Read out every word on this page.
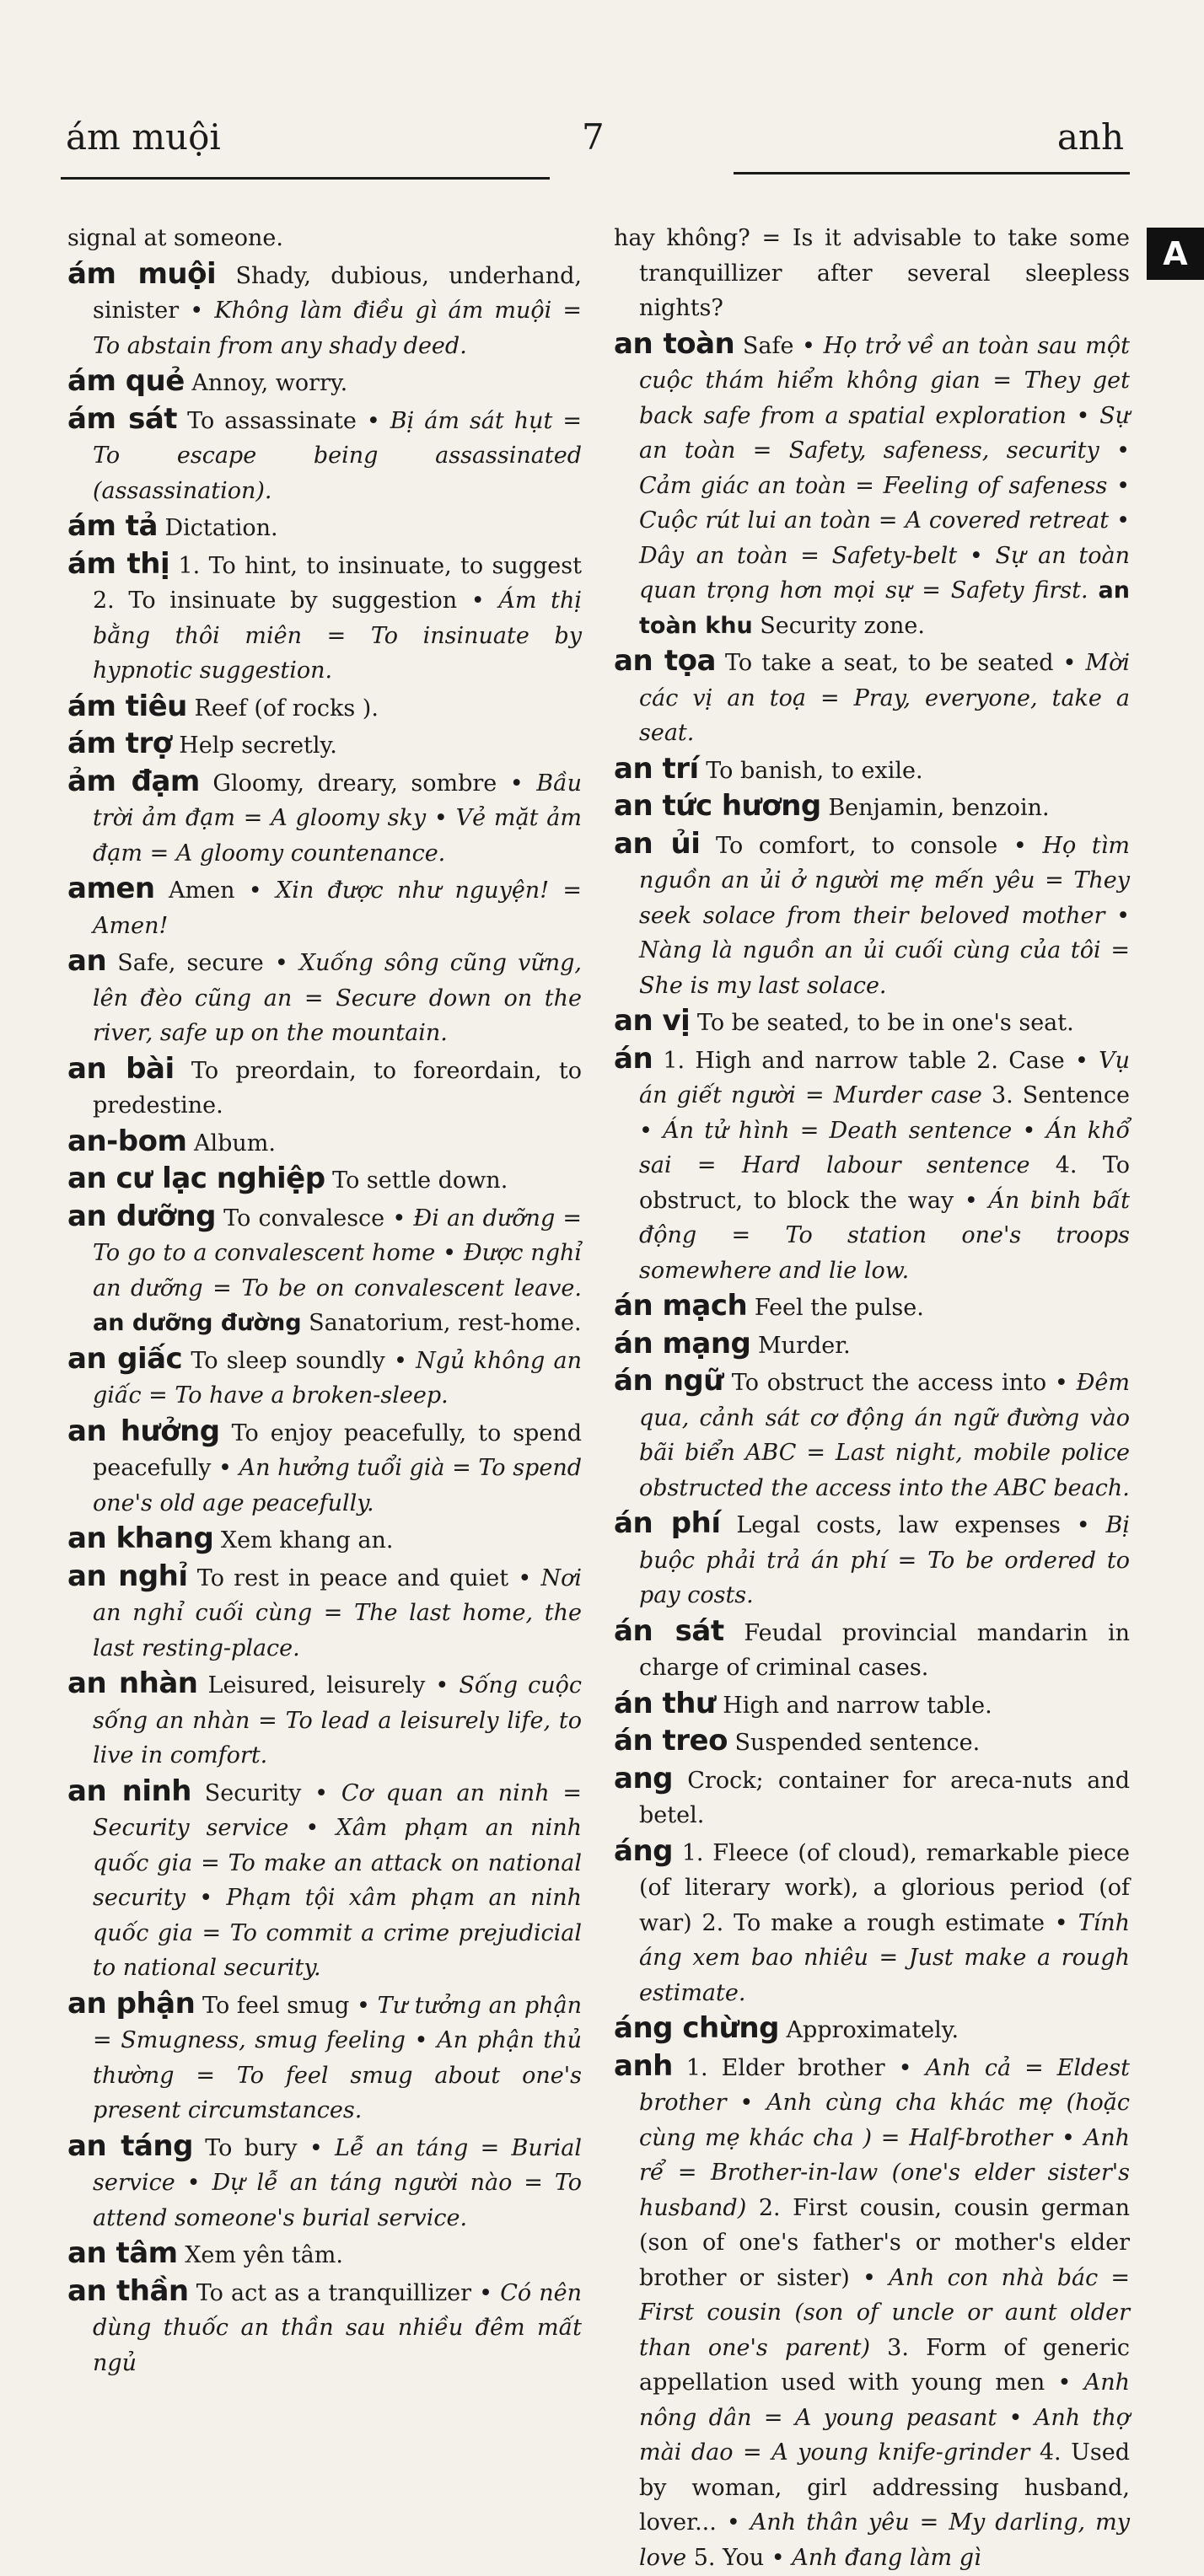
ám muội	7	anh
A
signal at someone.
ám muội Shady, dubious, underhand, sinister • Không làm điều gì ám muội = To abstain from any shady deed.
ám quẻ Annoy, worry.
ám sát To assassinate • Bị ám sát hụt = To escape being assassinated (assassination).
ám tả Dictation.
ám thị 1. To hint, to insinuate, to suggest 2. To insinuate by suggestion • Ám thị bằng thôi miên = To insinuate by hypnotic suggestion.
ám tiêu Reef (of rocks ).
ám trợ Help secretly.
ảm đạm Gloomy, dreary, sombre • Bầu trời ảm đạm = A gloomy sky • Vẻ mặt ảm đạm = A gloomy countenance.
amen Amen • Xin được như nguyện! = Amen!
an Safe, secure • Xuống sông cũng vững, lên đèo cũng an = Secure down on the river, safe up on the mountain.
an bài To preordain, to foreordain, to predestine.
an-bom Album.
an cư lạc nghiệp To settle down.
an dưỡng To convalesce • Đi an dưỡng = To go to a convalescent home • Được nghỉ an dưỡng = To be on convalescent leave. an dưỡng đường Sanatorium, rest-home.
an giấc To sleep soundly • Ngủ không an giấc = To have a broken-sleep.
an hưởng To enjoy peacefully, to spend peacefully • An hưởng tuổi già = To spend one's old age peacefully.
an khang Xem khang an.
an nghỉ To rest in peace and quiet • Nơi an nghỉ cuối cùng = The last home, the last resting-place.
an nhàn Leisured, leisurely • Sống cuộc sống an nhàn = To lead a leisurely life, to live in comfort.
an ninh Security • Cơ quan an ninh = Security service • Xâm phạm an ninh quốc gia = To make an attack on national security • Phạm tội xâm phạm an ninh quốc gia = To commit a crime prejudicial to national security.
an phận To feel smug • Tư tưởng an phận = Smugness, smug feeling • An phận thủ thường = To feel smug about one's present circumstances.
an táng To bury • Lễ an táng = Burial service • Dự lễ an táng người nào = To attend someone's burial service.
an tâm Xem yên tâm.
an thần To act as a tranquillizer • Có nên dùng thuốc an thần sau nhiều đêm mất ngủ
hay không? = Is it advisable to take some tranquillizer after several sleepless nights?
an toàn Safe • Họ trở về an toàn sau một cuộc thám hiểm không gian = They get back safe from a spatial exploration • Sự an toàn = Safety, safeness, security • Cảm giác an toàn = Feeling of safeness • Cuộc rút lui an toàn = A covered retreat • Dây an toàn = Safety-belt • Sự an toàn quan trọng hơn mọi sự = Safety first. an toàn khu Security zone.
an tọa To take a seat, to be seated • Mời các vị an toạ = Pray, everyone, take a seat.
an trí To banish, to exile.
an tức hương Benjamin, benzoin.
an ủi To comfort, to console • Họ tìm nguồn an ủi ở người mẹ mến yêu = They seek solace from their beloved mother • Nàng là nguồn an ủi cuối cùng của tôi = She is my last solace.
an vị To be seated, to be in one's seat.
án 1. High and narrow table 2. Case • Vụ án giết người = Murder case 3. Sentence • Án tử hình = Death sentence • Án khổ sai = Hard labour sentence 4. To obstruct, to block the way • Án binh bất động = To station one's troops somewhere and lie low.
án mạch Feel the pulse.
án mạng Murder.
án ngữ To obstruct the access into • Đêm qua, cảnh sát cơ động án ngữ đường vào bãi biển ABC = Last night, mobile police obstructed the access into the ABC beach.
án phí Legal costs, law expenses • Bị buộc phải trả án phí = To be ordered to pay costs.
án sát Feudal provincial mandarin in charge of criminal cases.
án thư High and narrow table.
án treo Suspended sentence.
ang Crock; container for areca-nuts and betel.
áng 1. Fleece (of cloud), remarkable piece (of literary work), a glorious period (of war) 2. To make a rough estimate • Tính áng xem bao nhiêu = Just make a rough estimate.
áng chừng Approximately.
anh 1. Elder brother • Anh cả = Eldest brother • Anh cùng cha khác mẹ (hoặc cùng mẹ khác cha ) = Half-brother • Anh rể = Brother-in-law (one's elder sister's husband) 2. First cousin, cousin german (son of one's father's or mother's elder brother or sister) • Anh con nhà bác = First cousin (son of uncle or aunt older than one's parent) 3. Form of generic appellation used with young men • Anh nông dân = A young peasant • Anh thợ mài dao = A young knife-grinder 4. Used by woman, girl addressing husband, lover... • Anh thân yêu = My darling, my love 5. You • Anh đang làm gì
